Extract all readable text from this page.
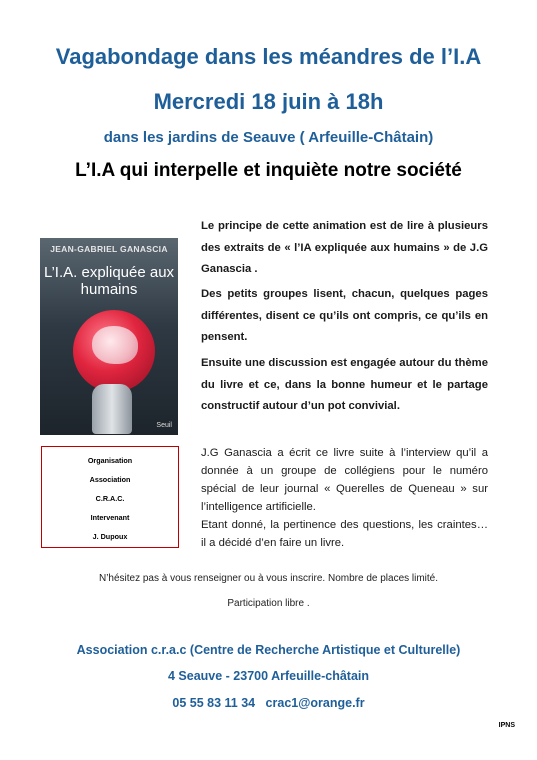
Vagabondage dans les méandres de l’I.A
Mercredi 18 juin à 18h
dans les jardins de Seauve ( Arfeuille-Châtain)
L’I.A qui interpelle et inquiète notre société
JEAN-GABRIEL GANASCIA
L’I.A. expliquée aux humains
Seuil
Organisation
Association
C.R.A.C.
Intervenant
J. Dupoux
Le principe de cette animation est de lire à plusieurs des extraits de « l’IA expliquée aux humains » de J.G Ganascia .
Des petits groupes lisent, chacun, quelques pages différentes, disent ce qu’ils ont compris, ce qu’ils en pensent.
Ensuite une discussion est engagée autour du thème du livre et ce, dans la bonne humeur et le partage constructif autour d’un pot convivial.
J.G Ganascia a écrit ce livre suite à l’interview qu’il a donnée à un groupe de collégiens pour le numéro spécial de leur journal « Querelles de Queneau » sur l’intelligence artificielle.
Etant donné, la pertinence des questions, les craintes… il a décidé d’en faire un livre.
N’hésitez pas à vous renseigner ou à vous inscrire. Nombre de places limité.
Participation libre .
Association c.r.a.c (Centre de Recherche Artistique et Culturelle)
4 Seauve - 23700 Arfeuille-châtain
05 55 83 11 34 crac1@orange.fr
IPNS
